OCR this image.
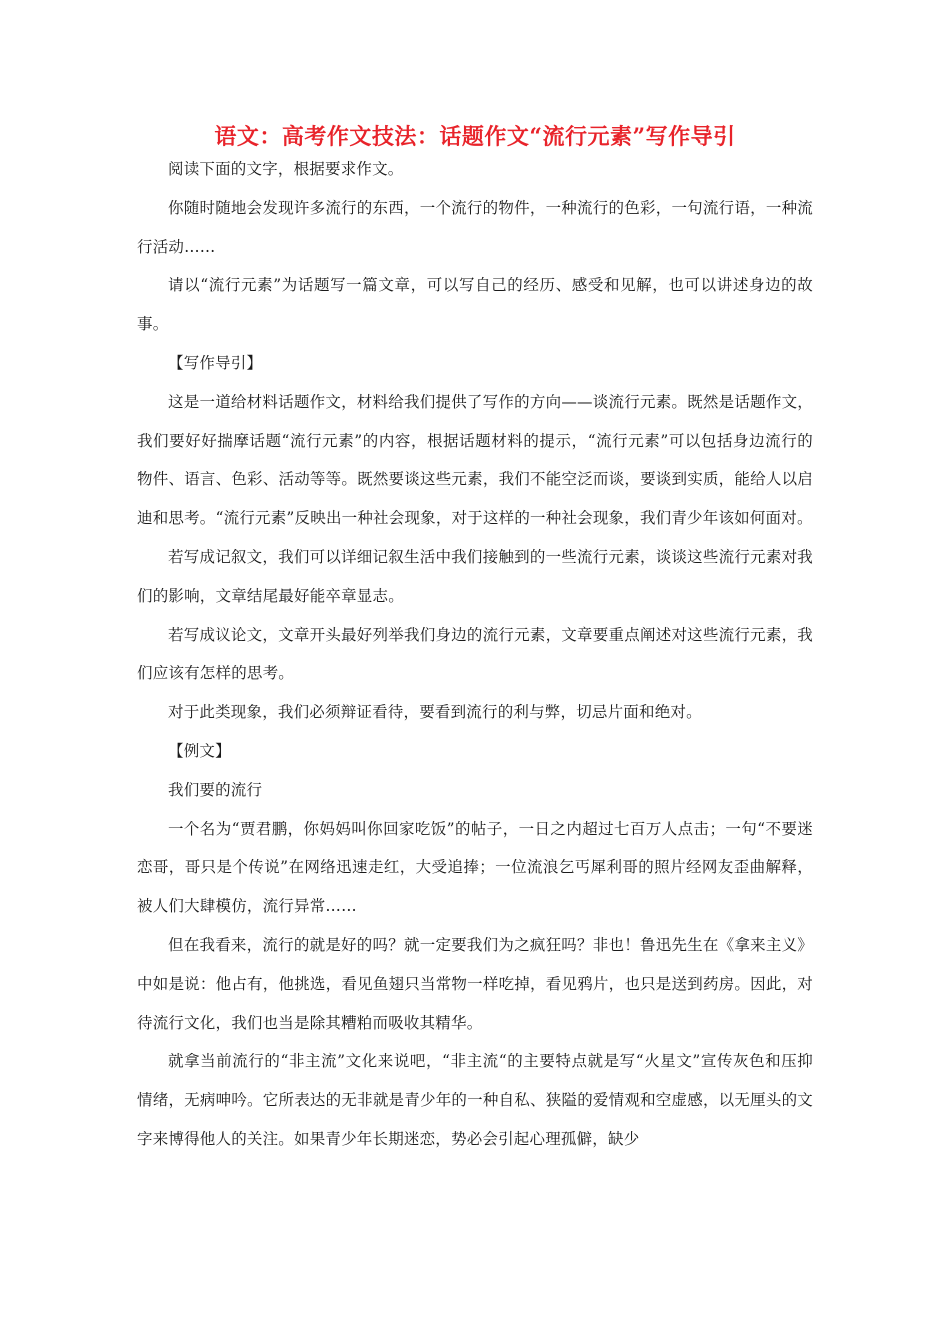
语文：高考作文技法：话题作文“流行元素”写作导引

阅读下面的文字，根据要求作文。

你随时随地会发现许多流行的东西，一个流行的物件，一种流行的色彩，一句流行语，一种流行活动……

请以“流行元素”为话题写一篇文章，可以写自己的经历、感受和见解，也可以讲述身边的故事。

【写作导引】

这是一道给材料话题作文，材料给我们提供了写作的方向——谈流行元素。既然是话题作文，我们要好好揣摩话题“流行元素”的内容，根据话题材料的提示，“流行元素”可以包括身边流行的物件、语言、色彩、活动等等。既然要谈这些元素，我们不能空泛而谈，要谈到实质，能给人以启迪和思考。“流行元素”反映出一种社会现象，对于这样的一种社会现象，我们青少年该如何面对。

若写成记叙文，我们可以详细记叙生活中我们接触到的一些流行元素，谈谈这些流行元素对我们的影响，文章结尾最好能卒章显志。

若写成议论文，文章开头最好列举我们身边的流行元素，文章要重点阐述对这些流行元素，我们应该有怎样的思考。

对于此类现象，我们必须辩证看待，要看到流行的利与弊，切忌片面和绝对。

【例文】

我们要的流行

一个名为“贾君鹏，你妈妈叫你回家吃饭”的帖子，一日之内超过七百万人点击；一句“不要迷恋哥，哥只是个传说”在网络迅速走红，大受追捧；一位流浪乞丐犀利哥的照片经网友歪曲解释，被人们大肆模仿，流行异常……

但在我看来，流行的就是好的吗？就一定要我们为之疯狂吗？非也！鲁迅先生在《拿来主义》中如是说：他占有，他挑选，看见鱼翅只当常物一样吃掉，看见鸦片，也只是送到药房。因此，对待流行文化，我们也当是除其糟粕而吸收其精华。

就拿当前流行的“非主流”文化来说吧，“非主流“的主要特点就是写“火星文”宣传灰色和压抑情绪，无病呻吟。它所表达的无非就是青少年的一种自私、狭隘的爱情观和空虚感，以无厘头的文字来博得他人的关注。如果青少年长期迷恋，势必会引起心理孤僻，缺少
